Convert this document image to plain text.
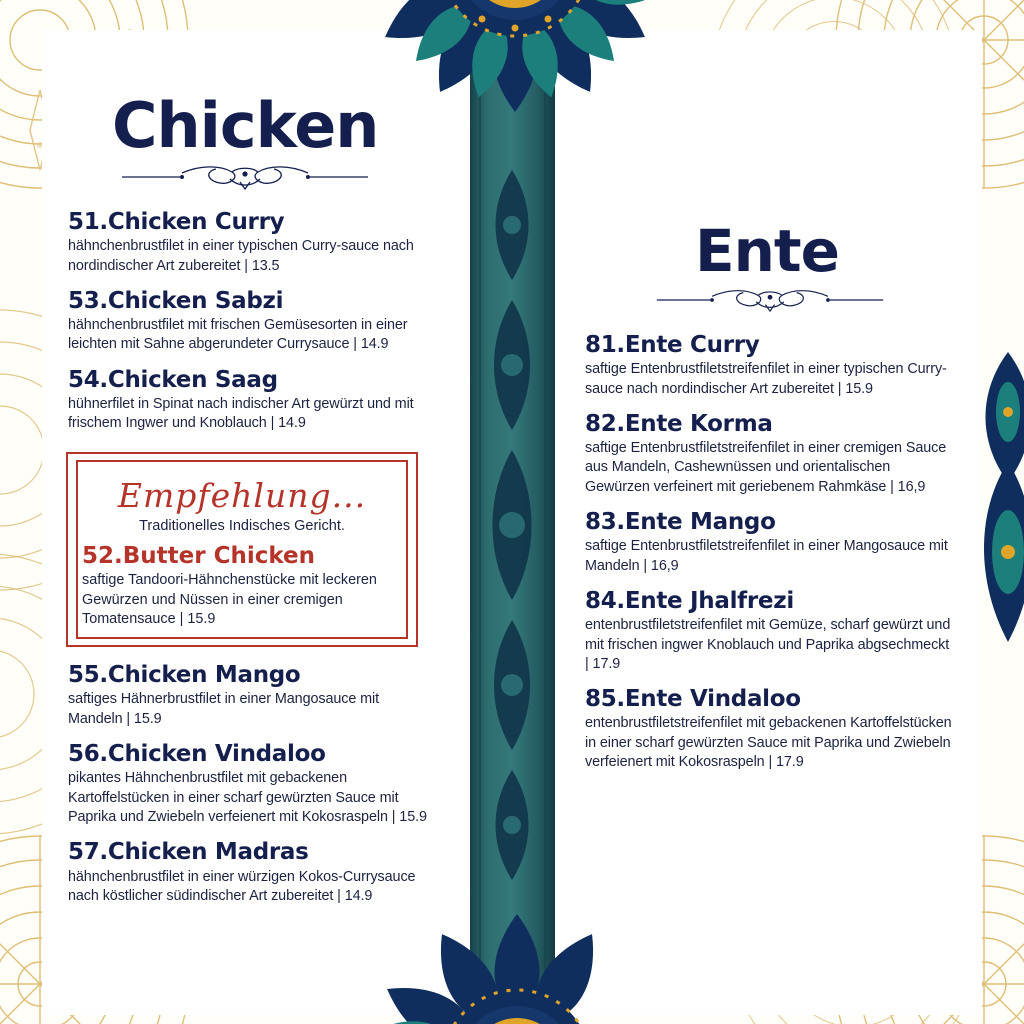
Chicken
51.Chicken Curry
hähnchenbrustfilet in einer typischen Curry-sauce nach nordindischer Art zubereitet | 13.5
53.Chicken Sabzi
hähnchenbrustfilet mit frischen Gemüsesorten in einer leichten mit Sahne abgerundeter Currysauce | 14.9
54.Chicken Saag
hühnerfilet in Spinat nach indischer Art gewürzt und mit frischem Ingwer und Knoblauch | 14.9
Empfehlung...
Traditionelles Indisches Gericht.
52.Butter Chicken
saftige Tandoori-Hähnchenstücke mit leckeren Gewürzen und Nüssen in einer cremigen Tomatensauce | 15.9
55.Chicken Mango
saftiges Hähnerbrustfilet in einer Mangosauce mit Mandeln | 15.9
56.Chicken Vindaloo
pikantes Hähnchenbrustfilet mit gebackenen Kartoffelstücken in einer scharf gewürzten Sauce mit Paprika und Zwiebeln verfeienert mit Kokosraspeln | 15.9
57.Chicken Madras
hähnchenbrustfilet in einer würzigen Kokos-Currysauce nach köstlicher südindischer Art zubereitet | 14.9
Ente
81.Ente Curry
saftige Entenbrustfiletstreifenfilet in einer typischen Curry- sauce nach nordindischer Art zubereitet | 15.9
82.Ente Korma
saftige Entenbrustfiletstreifenfilet in einer cremigen Sauce aus Mandeln, Cashewnüssen und orientalischen Gewürzen verfeinert mit geriebenem Rahmkäse | 16,9
83.Ente Mango
saftige Entenbrustfiletstreifenfilet in einer Mangosauce mit Mandeln | 16,9
84.Ente Jhalfrezi
entenbrustfiletstreifenfilet mit Gemüze, scharf gewürzt und mit frischen ingwer Knoblauch und Paprika abgsechmeckt | 17.9
85.Ente Vindaloo
entenbrustfiletstreifenfilet mit gebackenen Kartoffelstücken in einer scharf gewürzten Sauce mit Paprika und Zwiebeln verfeienert mit Kokosraspeln | 17.9
